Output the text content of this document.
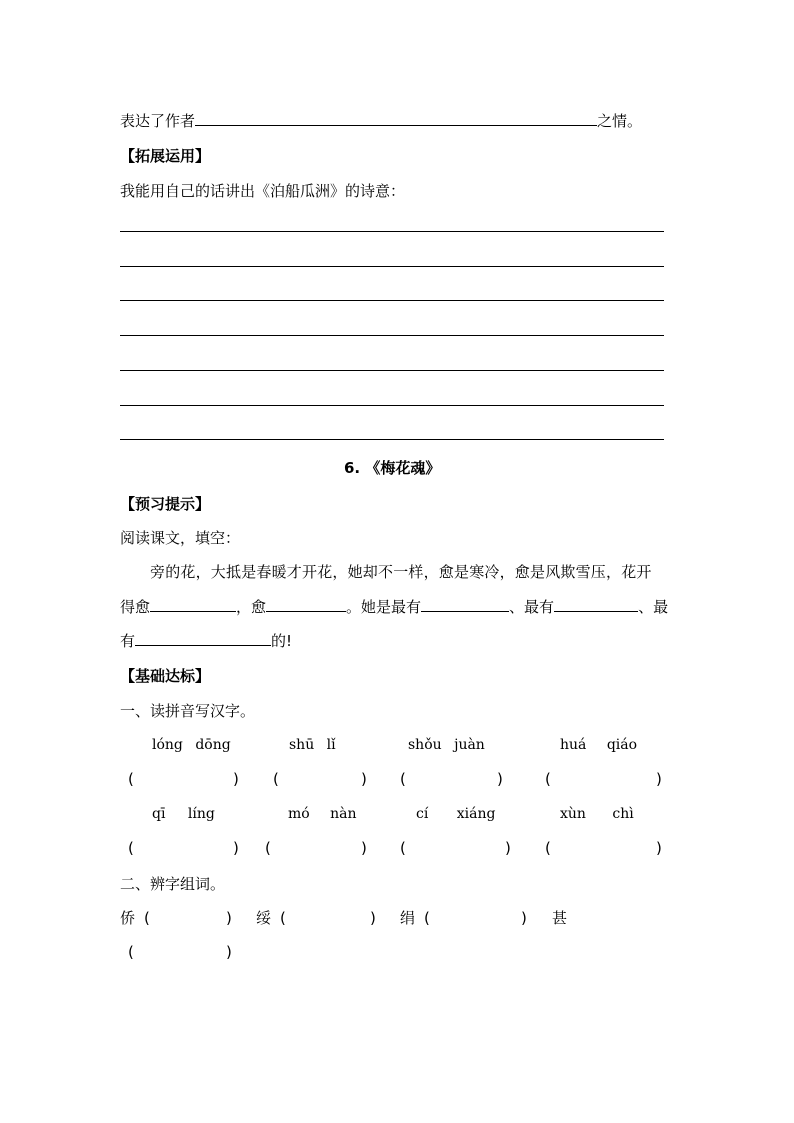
表达了作者	之情。
【拓展运用】
我能用自己的话讲出《泊船瓜洲》的诗意：
6. 《梅花魂》
【预习提示】
阅读课文，填空：
旁的花，大抵是春暖才开花，她却不一样，愈是寒冷，愈是风欺雪压，花开
得愈	，愈	。她是最有	、最有	、最
有	的!
【基础达标】
一、读拼音写汉字。
lóng dōng	shū lǐ	shǒu juàn	huá qiáo
(	) (	) (	)	(	)
qī líng	mó nàn	cí xiáng	xùn chì
(	) (	) (	) (	)
二、辨字组词。
侨 (	) 绥 (	) 绢 (	) 甚
(	)
